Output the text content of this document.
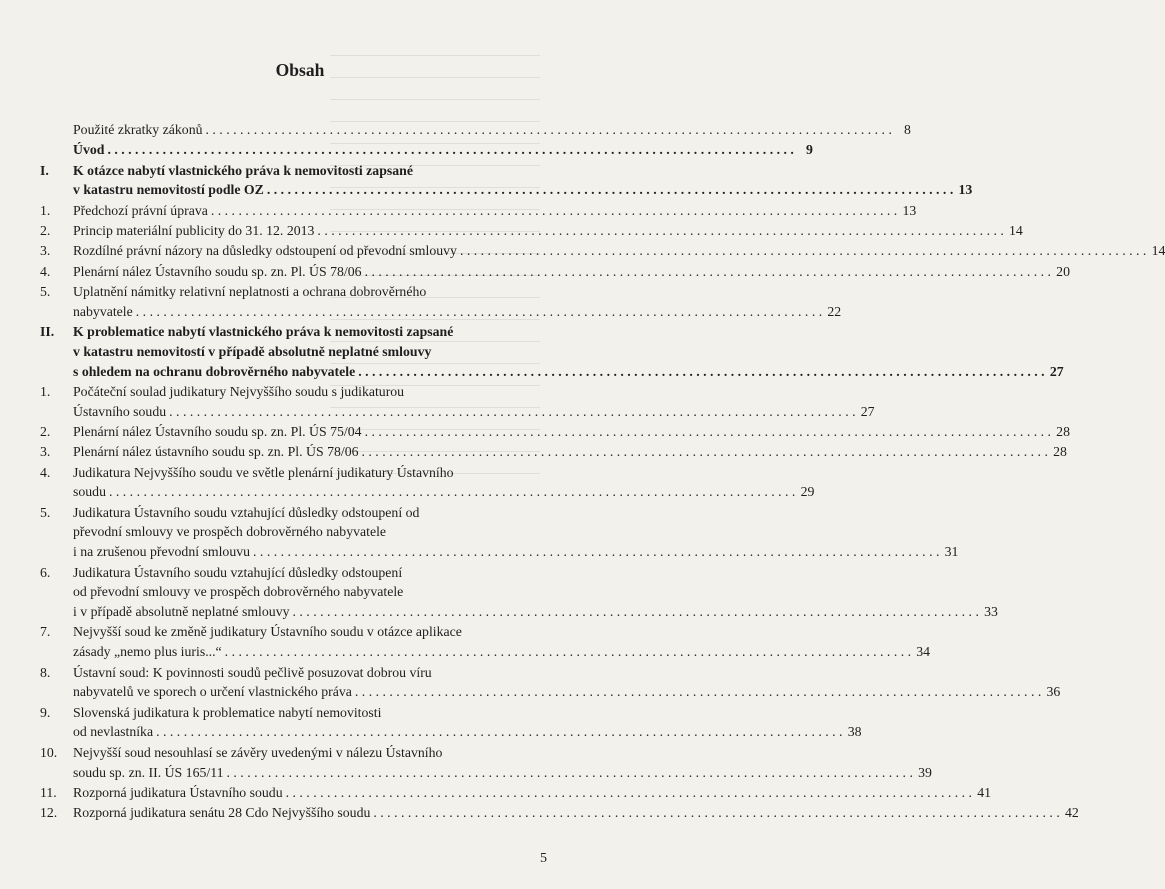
Obsah
Použité zkratky zákonů . . .	8
Úvod . . .	9
I.	K otázce nabytí vlastnického práva k nemovitosti zapsané
v katastru nemovitostí podle OZ . . .	13
1.	Předchozí právní úprava . . .	13
2.	Princip materiální publicity do 31. 12. 2013 . . .	14
3.	Rozdílné právní názory na důsledky odstoupení od převodní smlouvy . . .	14
4.	Plenární nález Ústavního soudu sp. zn. Pl. ÚS 78/06 . . .	20
5.	Uplatnění námitky relativní neplatnosti a ochrana dobrověrného
nabyvatele . . .	22
II.	K problematice nabytí vlastnického práva k nemovitosti zapsané
v katastru nemovitostí v případě absolutně neplatné smlouvy
s ohledem na ochranu dobrověrného nabyvatele . . .	27
1.	Počáteční soulad judikatury Nejvyššího soudu s judikaturou
Ústavního soudu . . .	27
2.	Plenární nález Ústavního soudu sp. zn. Pl. ÚS 75/04 . . .	28
3.	Plenární nález ústavního soudu sp. zn. Pl. ÚS 78/06 . . .	28
4.	Judikatura Nejvyššího soudu ve světle plenární judikatury Ústavního
soudu . . .	29
5.	Judikatura Ústavního soudu vztahující důsledky odstoupení od
převodní smlouvy ve prospěch dobrověrného nabyvatele
i na zrušenou převodní smlouvu . . .	31
6.	Judikatura Ústavního soudu vztahující důsledky odstoupení
od převodní smlouvy ve prospěch dobrověrného nabyvatele
i v případě absolutně neplatné smlouvy . . .	33
7.	Nejvyšší soud ke změně judikatury Ústavního soudu v otázce aplikace
zásady „nemo plus iuris...“ . . .	34
8.	Ústavní soud: K povinnosti soudů pečlivě posuzovat dobrou víru
nabyvatelů ve sporech o určení vlastnického práva . . .	36
9.	Slovenská judikatura k problematice nabytí nemovitosti
od nevlastníka . . .	38
10.	Nejvyšší soud nesouhlasí se závěry uvedenými v nálezu Ústavního
soudu sp. zn. II. ÚS 165/11 . . .	39
11.	Rozporná judikatura Ústavního soudu . . .	41
12.	Rozporná judikatura senátu 28 Cdo Nejvyššího soudu . . .	42
5
